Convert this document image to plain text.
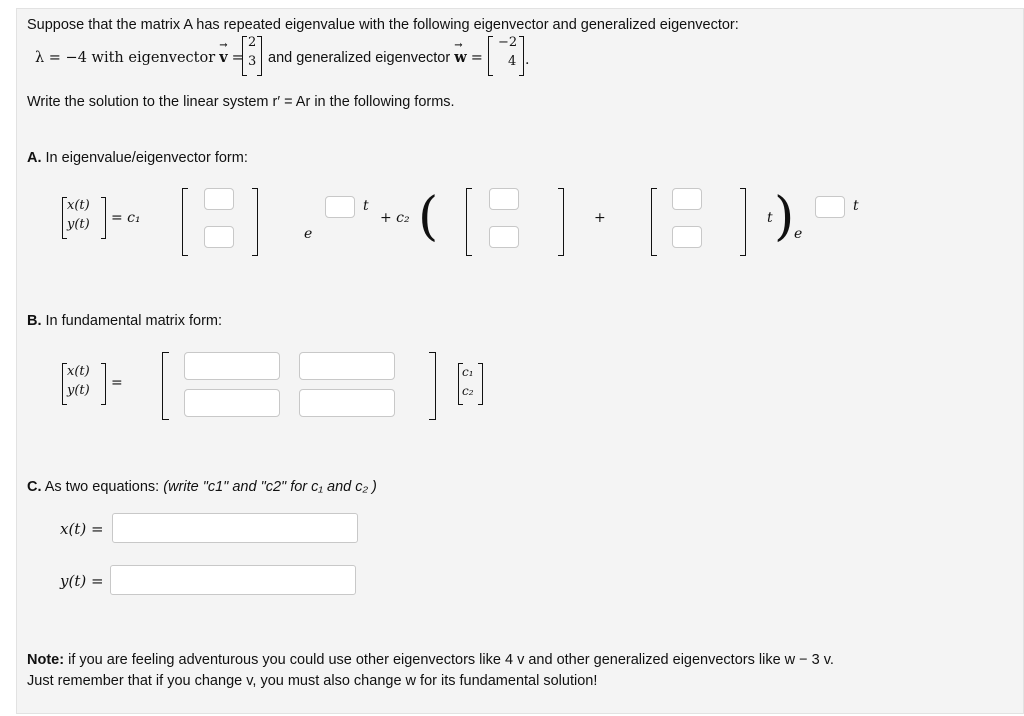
Suppose that the matrix A has repeated eigenvalue with the following eigenvector and generalized eigenvector:
λ = −4 with eigenvector → v =
2
3 and generalized eigenvector → w =
−2
4 .
Write the solution to the linear system r′ = Ar in the following forms.
A. In eigenvalue/eigenvector form:
x(t)
y(t) = c₁
e
t
+ c₂ (	+	t ) e
t
B. In fundamental matrix form:
x(t)
y(t) =
c₁
c₂
C. As two equations: (write "c1" and "c2" for c₁ and c₂ )
x(t) =
y(t) =
Note: if you are feeling adventurous you could use other eigenvectors like 4 v and other generalized eigenvectors like w − 3 v.
Just remember that if you change v, you must also change w for its fundamental solution!
